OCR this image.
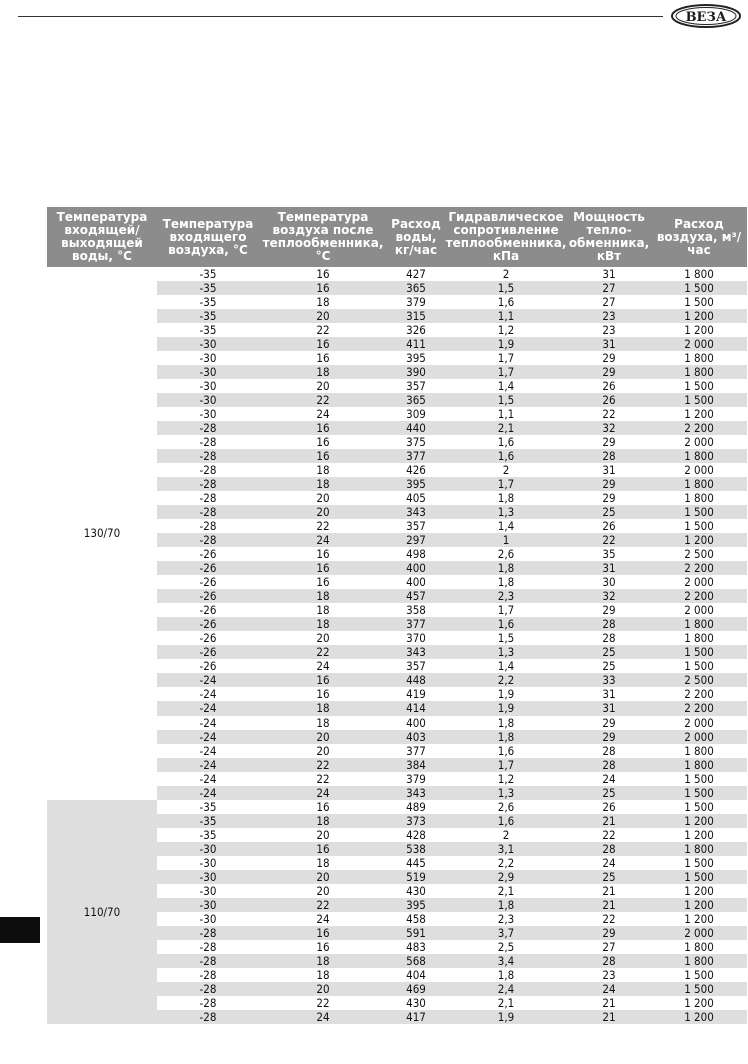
ВЕЗА
Температура входящей/ выходящей воды, °С	Температура входящего воздуха, °С	Температура воздуха после теплообменника, °С	Расход воды, кг/час	Гидравлическое сопротивление теплообменника, кПа	Мощность тепло-обменника, кВт	Расход воздуха, м³/час
130/70	-35	16	427	2	31	1 800
	-35	16	365	1,5	27	1 500
	-35	18	379	1,6	27	1 500
	-35	20	315	1,1	23	1 200
	-35	22	326	1,2	23	1 200
	-30	16	411	1,9	31	2 000
	-30	16	395	1,7	29	1 800
	-30	18	390	1,7	29	1 800
	-30	20	357	1,4	26	1 500
	-30	22	365	1,5	26	1 500
	-30	24	309	1,1	22	1 200
	-28	16	440	2,1	32	2 200
	-28	16	375	1,6	29	2 000
	-28	16	377	1,6	28	1 800
	-28	18	426	2	31	2 000
	-28	18	395	1,7	29	1 800
	-28	20	405	1,8	29	1 800
	-28	20	343	1,3	25	1 500
	-28	22	357	1,4	26	1 500
	-28	24	297	1	22	1 200
	-26	16	498	2,6	35	2 500
	-26	16	400	1,8	31	2 200
	-26	16	400	1,8	30	2 000
	-26	18	457	2,3	32	2 200
	-26	18	358	1,7	29	2 000
	-26	18	377	1,6	28	1 800
	-26	20	370	1,5	28	1 800
	-26	22	343	1,3	25	1 500
	-26	24	357	1,4	25	1 500
	-24	16	448	2,2	33	2 500
	-24	16	419	1,9	31	2 200
	-24	18	414	1,9	31	2 200
	-24	18	400	1,8	29	2 000
	-24	20	403	1,8	29	2 000
	-24	20	377	1,6	28	1 800
	-24	22	384	1,7	28	1 800
	-24	22	379	1,2	24	1 500
	-24	24	343	1,3	25	1 500
110/70	-35	16	489	2,6	26	1 500
	-35	18	373	1,6	21	1 200
	-35	20	428	2	22	1 200
	-30	16	538	3,1	28	1 800
	-30	18	445	2,2	24	1 500
	-30	20	519	2,9	25	1 500
	-30	20	430	2,1	21	1 200
	-30	22	395	1,8	21	1 200
	-30	24	458	2,3	22	1 200
	-28	16	591	3,7	29	2 000
	-28	16	483	2,5	27	1 800
	-28	18	568	3,4	28	1 800
	-28	18	404	1,8	23	1 500
	-28	20	469	2,4	24	1 500
	-28	22	430	2,1	21	1 200
	-28	24	417	1,9	21	1 200
